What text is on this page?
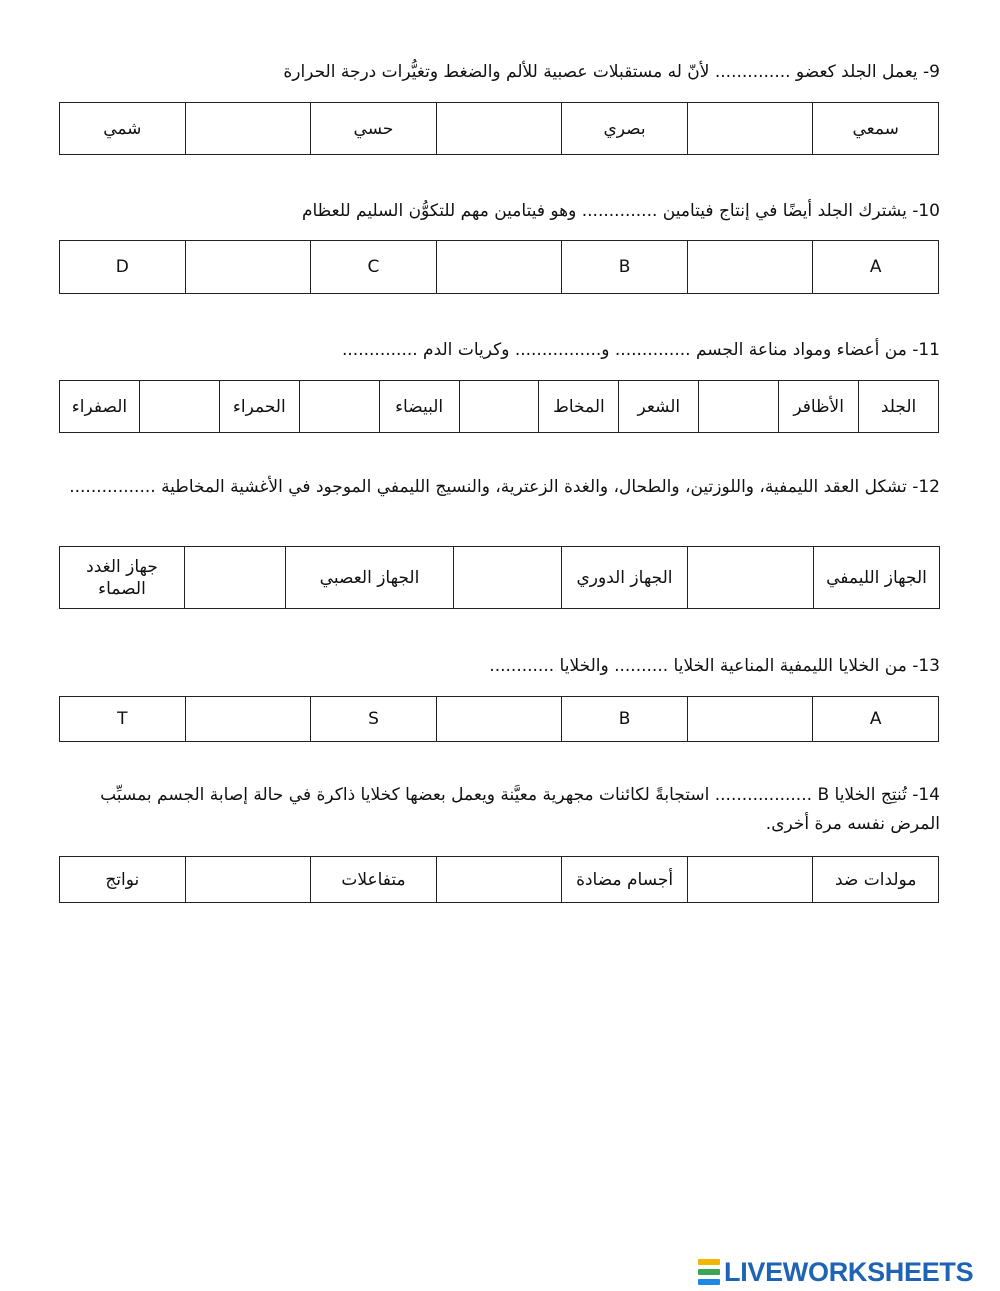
9- يعمل الجلد كعضو .............. لأنّ له مستقبلات عصبية للألم والضغط وتغيُّرات درجة الحرارة

سمعي		بصري		حسي		شمي

10- يشترك الجلد أيضًا في إنتاج فيتامين .............. وهو فيتامين مهم للتكوُّن السليم للعظام

A		B		C		D

11- من أعضاء ومواد مناعة الجسم .............. و................ وكريات الدم ..............

الجلد	الأظافر		الشعر	المخاط		البيضاء		الحمراء		الصفراء

12- تشكل العقد الليمفية، واللوزتين، والطحال، والغدة الزعترية، والنسيج الليمفي الموجود في الأغشية المخاطية ................

الجهاز الليمفي		الجهاز الدوري		الجهاز العصبي		جهاز الغدد الصماء

13- من الخلايا الليمفية المناعية الخلايا .......... والخلايا ............

A		B		S		T

14- تُنتِج الخلايا B .................. استجابةً لكائنات مجهرية معيَّنة ويعمل بعضها كخلايا ذاكرة في حالة إصابة الجسم بمسبِّب المرض نفسه مرة أخرى.

مولدات ضد		أجسام مضادة		متفاعلات		نواتج
LIVEWORKSHEETS
